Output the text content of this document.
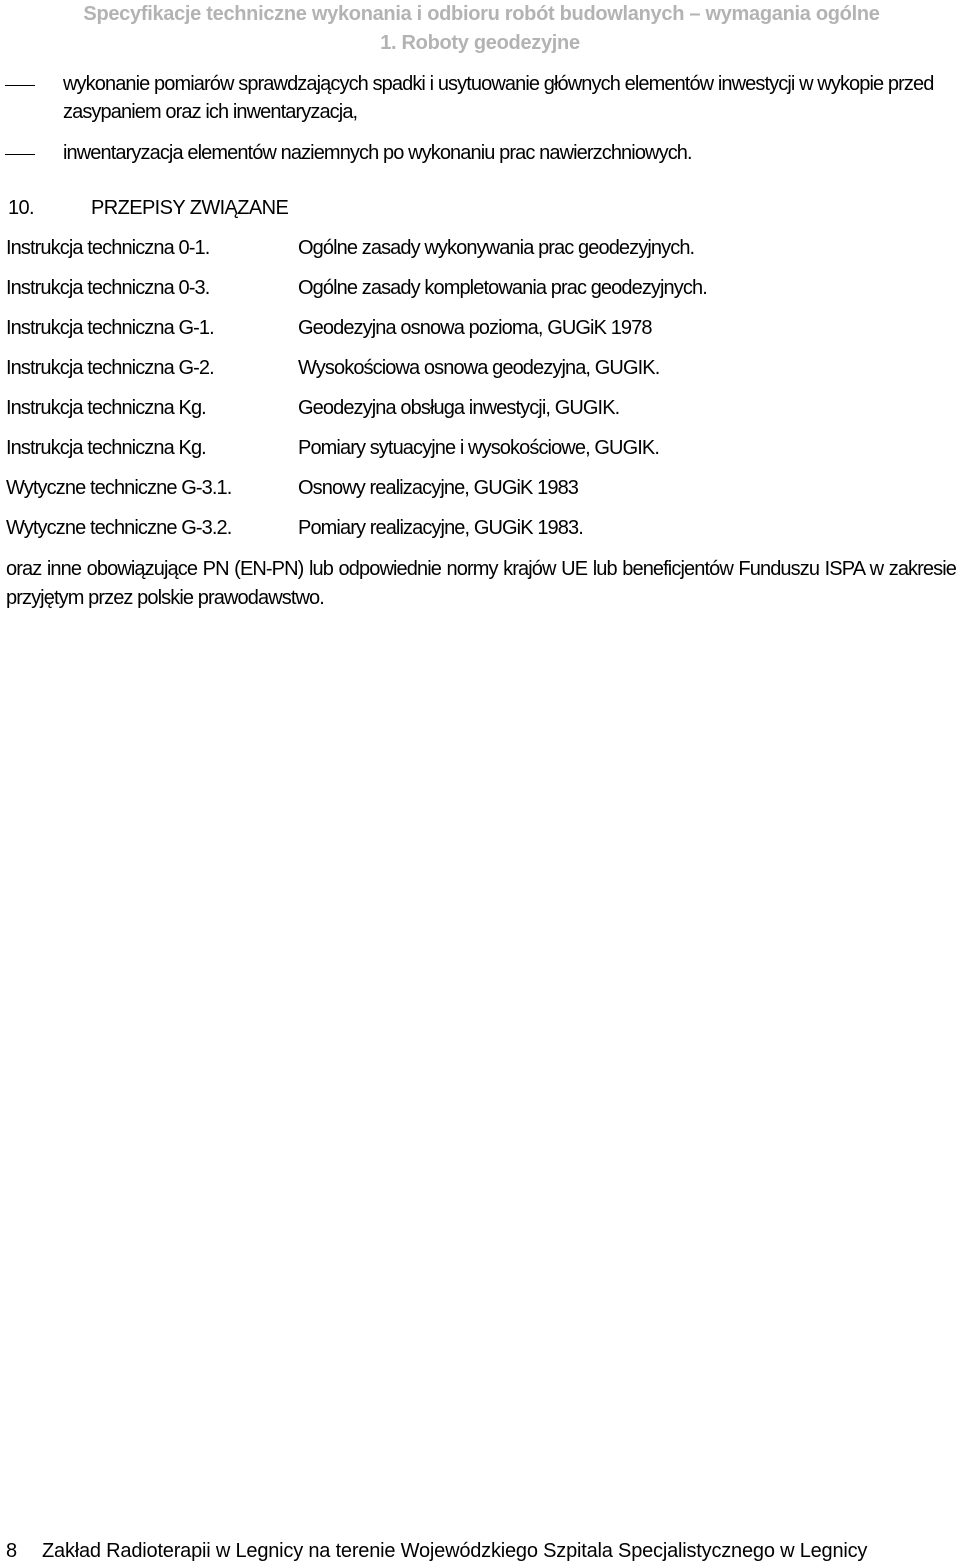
Specyfikacje techniczne wykonania i odbioru robót budowlanych – wymagania ogólne
1. Roboty geodezyjne
wykonanie pomiarów sprawdzających spadki i usytuowanie głównych elementów inwestycji w wykopie przed zasypaniem oraz ich inwentaryzacja,
inwentaryzacja elementów naziemnych po wykonaniu prac nawierzchniowych.
10.	PRZEPISY ZWIĄZANE
Instrukcja techniczna 0-1.	Ogólne zasady wykonywania prac geodezyjnych.
Instrukcja techniczna 0-3.	Ogólne zasady kompletowania prac geodezyjnych.
Instrukcja techniczna G-1.	Geodezyjna osnowa pozioma, GUGiK 1978
Instrukcja techniczna G-2.	Wysokościowa osnowa geodezyjna, GUGIK.
Instrukcja techniczna Kg.	Geodezyjna obsługa inwestycji, GUGIK.
Instrukcja techniczna Kg.	Pomiary sytuacyjne i wysokościowe, GUGIK.
Wytyczne techniczne G-3.1.	Osnowy realizacyjne, GUGiK 1983
Wytyczne techniczne G-3.2.	Pomiary realizacyjne, GUGiK 1983.

oraz inne obowiązujące PN (EN-PN) lub odpowiednie normy krajów UE lub beneficjentów Funduszu ISPA w zakresie przyjętym przez polskie prawodawstwo.

8 Zakład Radioterapii w Legnicy na terenie Wojewódzkiego Szpitala Specjalistycznego w Legnicy
